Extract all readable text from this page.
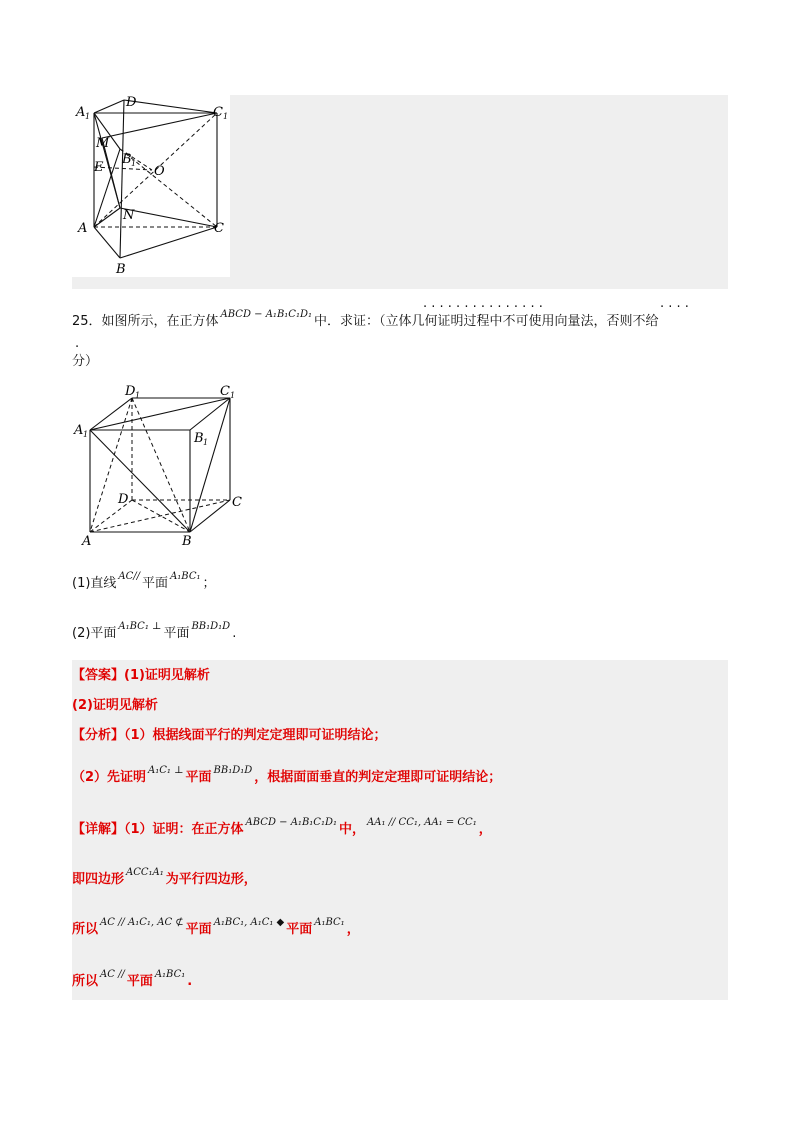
A 1
D
C 1
M
E
B 1
O
A
N
C
B
· · · · · · · · · · · · · · ·	· · · ·
25．如图所示，在正方体 $^{ABCD - A_1B_1C_1D_1}$ 中．求证：（立体几何证明过程中不可使用向量法，否则不给
·
分）
D 1	C 1
A 1	B 1
D	C
A	B
(1)直线 $^{AC//}$ 平面 $^{A_1BC_1}$ ；
(2)平面 $^{A_1BC_1 \perp}$ 平面 $^{BB_1D_1D}$ .
【答案】(1)证明见解析
(2)证明见解析
【分析】（1）根据线面平行的判定定理即可证明结论；
（2）先证明 $^{A_1C_1 \perp}$ 平面 $^{BB_1D_1D}$ ，根据面面垂直的判定定理即可证明结论；
【详解】（1）证明：在正方体 $^{ABCD - A_1B_1C_1D_1}$ 中， $^{AA_1 // CC_1, AA_1 = CC_1}$ ，
即四边形 $^{ACC_1A_1}$ 为平行四边形，
所以 $^{AC // A_1C_1, AC ⊄}$ 平面 $^{A_1BC_1, A_1C_1 ◆}$ 平面 $^{A_1BC_1}$ ，
所以 $^{AC //}$ 平面 $^{A_1BC_1}$ .
